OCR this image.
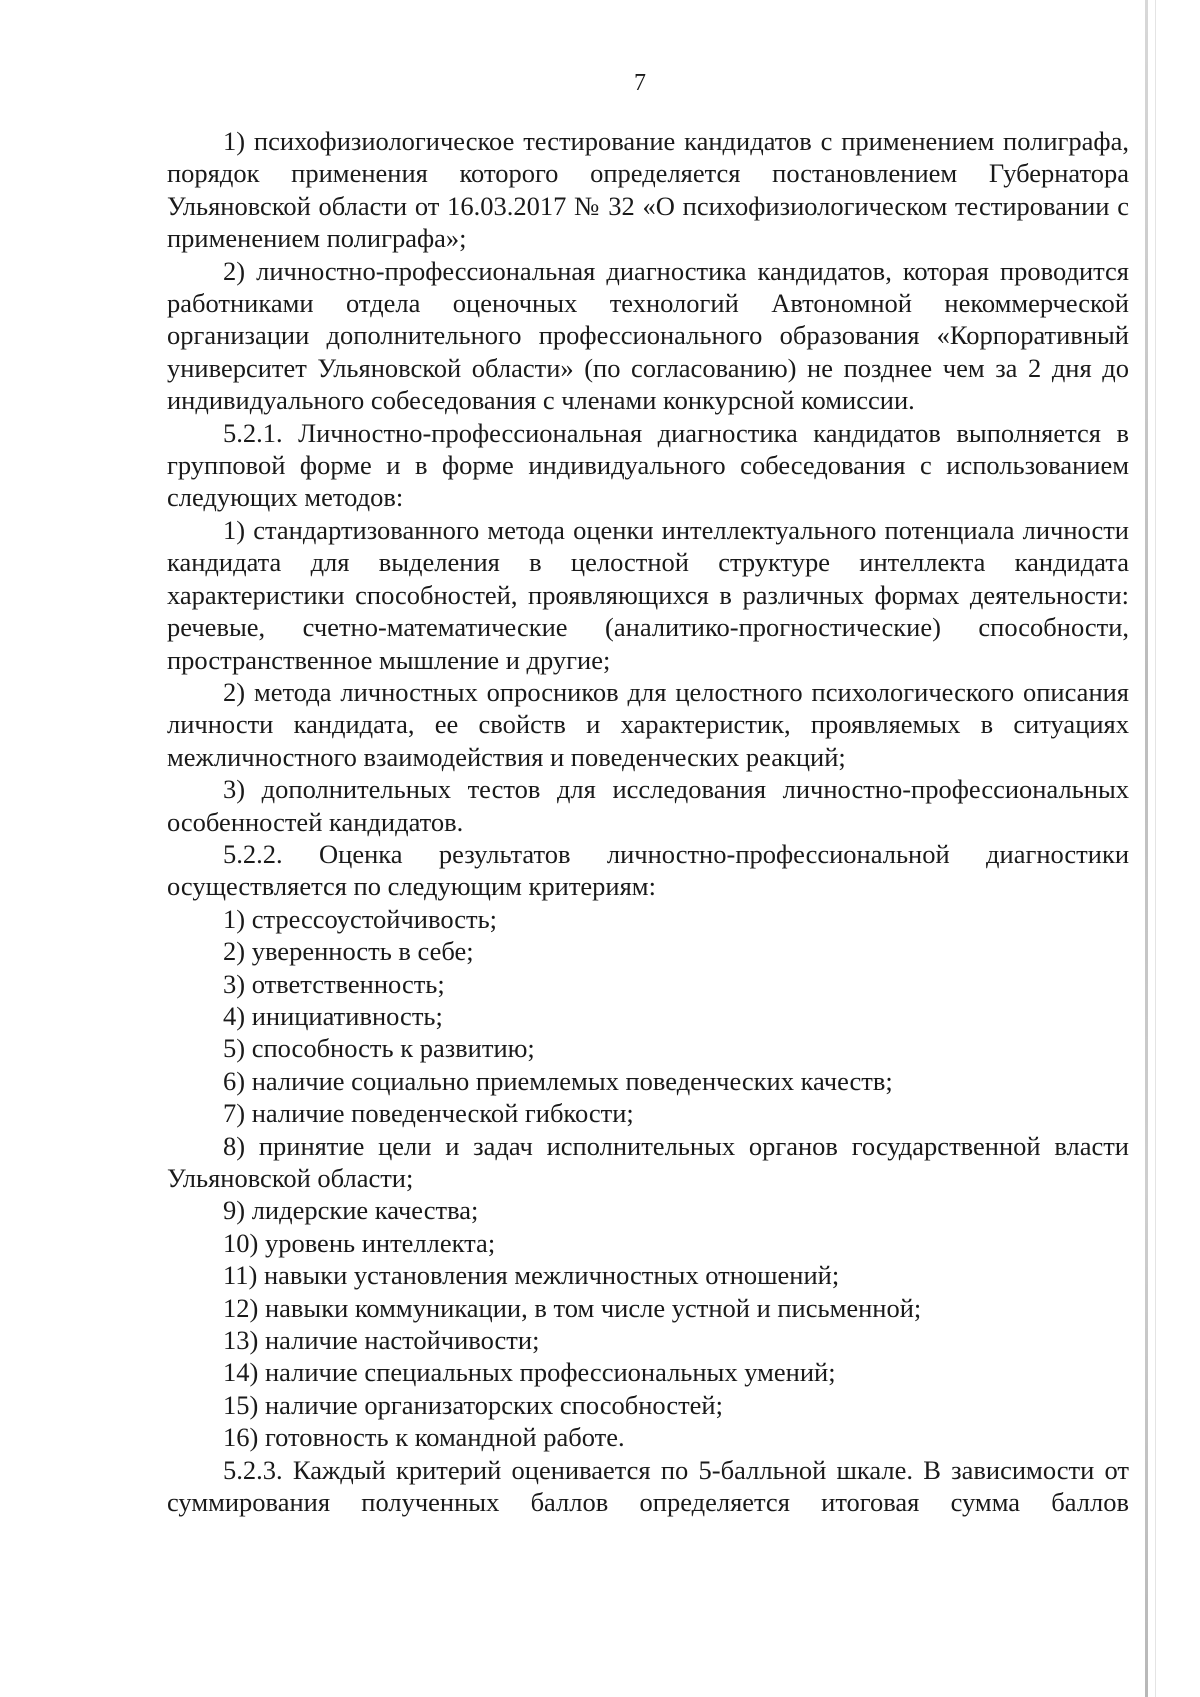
7

1) психофизиологическое тестирование кандидатов с применением полиграфа, порядок применения которого определяется постановлением Губернатора Ульяновской области от 16.03.2017 № 32 «О психофизиологическом тестировании с применением полиграфа»;

2) личностно-профессиональная диагностика кандидатов, которая проводится работниками отдела оценочных технологий Автономной некоммерческой организации дополнительного профессионального образования «Корпоративный университет Ульяновской области» (по согласованию) не позднее чем за 2 дня до индивидуального собеседования с членами конкурсной комиссии.

5.2.1. Личностно-профессиональная диагностика кандидатов выполняется в групповой форме и в форме индивидуального собеседования с использованием следующих методов:

1) стандартизованного метода оценки интеллектуального потенциала личности кандидата для выделения в целостной структуре интеллекта кандидата характеристики способностей, проявляющихся в различных формах деятельности: речевые, счетно-математические (аналитико-прогностические) способности, пространственное мышление и другие;

2) метода личностных опросников для целостного психологического описания личности кандидата, ее свойств и характеристик, проявляемых в ситуациях межличностного взаимодействия и поведенческих реакций;

3) дополнительных тестов для исследования личностно-профессиональных особенностей кандидатов.

5.2.2. Оценка результатов личностно-профессиональной диагностики осуществляется по следующим критериям:

1) стрессоустойчивость;

2) уверенность в себе;

3) ответственность;

4) инициативность;

5) способность к развитию;

6) наличие социально приемлемых поведенческих качеств;

7) наличие поведенческой гибкости;

8) принятие цели и задач исполнительных органов государственной власти Ульяновской области;

9) лидерские качества;

10) уровень интеллекта;

11) навыки установления межличностных отношений;

12) навыки коммуникации, в том числе устной и письменной;

13) наличие настойчивости;

14) наличие специальных профессиональных умений;

15) наличие организаторских способностей;

16) готовность к командной работе.

5.2.3. Каждый критерий оценивается по 5-балльной шкале. В зависимости от суммирования полученных баллов определяется итоговая сумма баллов
